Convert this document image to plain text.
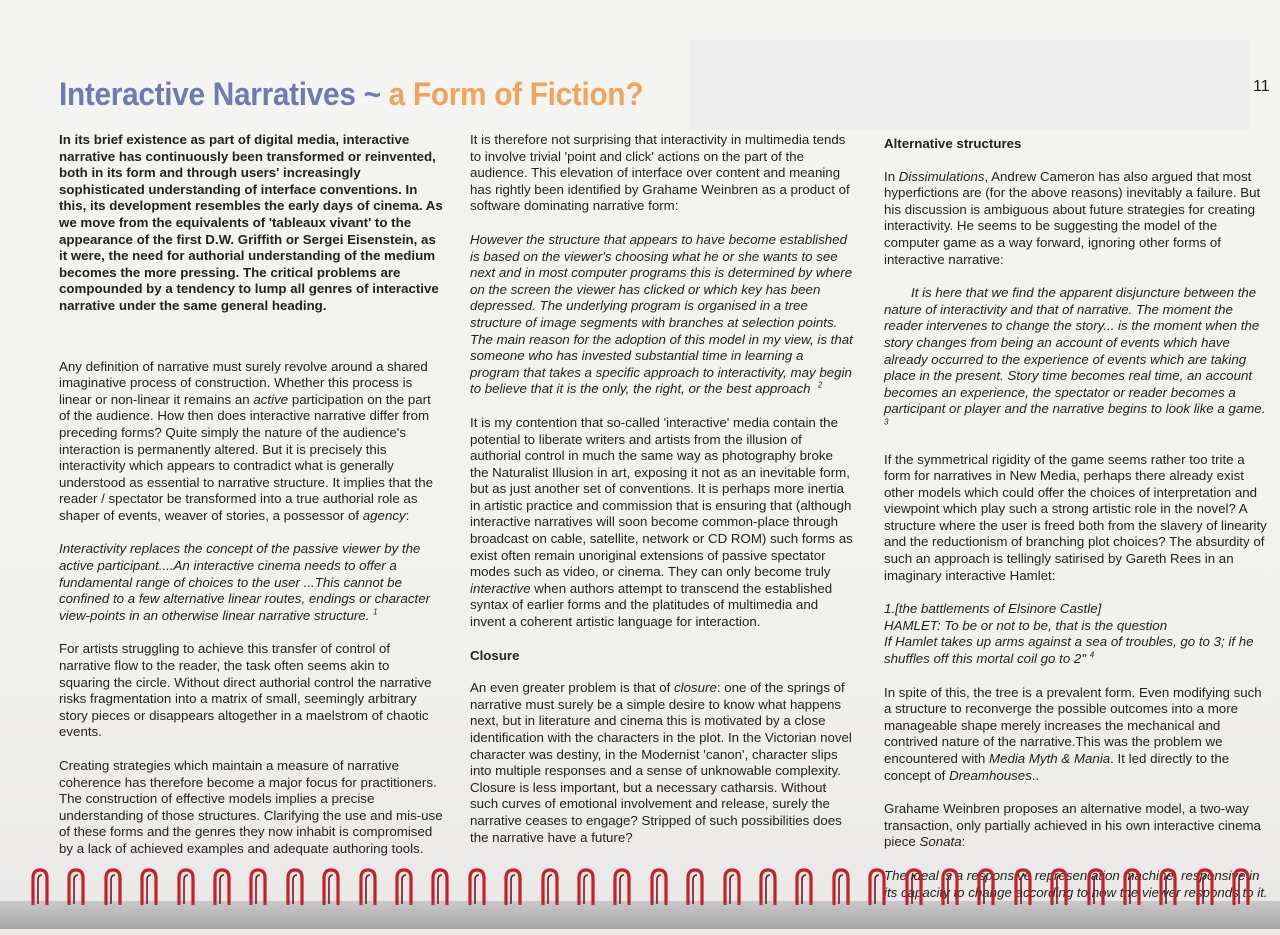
Interactive Narratives ~ a Form of Fiction?	11

In its brief existence as part of digital media, interactive narrative has continuously been transformed or reinvented, both in its form and through users' increasingly sophisticated understanding of interface conventions. In this, its development resembles the early days of cinema. As we move from the equivalents of 'tableaux vivant' to the appearance of the first D.W. Griffith or Sergei Eisenstein, as it were, the need for authorial understanding of the medium becomes the more pressing. The critical problems are compounded by a tendency to lump all genres of interactive narrative under the same general heading.

Any definition of narrative must surely revolve around a shared imaginative process of construction. Whether this process is linear or non-linear it remains an active participation on the part of the audience. How then does interactive narrative differ from preceding forms? Quite simply the nature of the audience's interaction is permanently altered. But it is precisely this interactivity which appears to contradict what is generally understood as essential to narrative structure. It implies that the reader / spectator be transformed into a true authorial role as shaper of events, weaver of stories, a possessor of agency:

Interactivity replaces the concept of the passive viewer by the active participant....An interactive cinema needs to offer a fundamental range of choices to the user ...This cannot be confined to a few alternative linear routes, endings or character view-points in an otherwise linear narrative structure. $^1$

For artists struggling to achieve this transfer of control of narrative flow to the reader, the task often seems akin to squaring the circle. Without direct authorial control the narrative risks fragmentation into a matrix of small, seemingly arbitrary story pieces or disappears altogether in a maelstrom of chaotic events.

Creating strategies which maintain a measure of narrative coherence has therefore become a major focus for practitioners. The construction of effective models implies a precise understanding of those structures. Clarifying the use and mis-use of these forms and the genres they now inhabit is compromised by a lack of achieved examples and adequate authoring tools.

It is therefore not surprising that interactivity in multimedia tends to involve trivial 'point and click' actions on the part of the audience. This elevation of interface over content and meaning has rightly been identified by Grahame Weinbren as a product of software dominating narrative form:

However the structure that appears to have become established is based on the viewer's choosing what he or she wants to see next and in most computer programs this is determined by where on the screen the viewer has clicked or which key has been depressed. The underlying program is organised in a tree structure of image segments with branches at selection points. The main reason for the adoption of this model in my view, is that someone who has invested substantial time in learning a program that takes a specific approach to interactivity, may begin to believe that it is the only, the right, or the best approach $^2$

It is my contention that so-called 'interactive' media contain the potential to liberate writers and artists from the illusion of authorial control in much the same way as photography broke the Naturalist Illusion in art, exposing it not as an inevitable form, but as just another set of conventions. It is perhaps more inertia in artistic practice and commission that is ensuring that (although interactive narratives will soon become common-place through broadcast on cable, satellite, network or CD ROM) such forms as exist often remain unoriginal extensions of passive spectator modes such as video, or cinema. They can only become truly interactive when authors attempt to transcend the established syntax of earlier forms and the platitudes of multimedia and invent a coherent artistic language for interaction.

Closure

An even greater problem is that of closure: one of the springs of narrative must surely be a simple desire to know what happens next, but in literature and cinema this is motivated by a close identification with the characters in the plot. In the Victorian novel character was destiny, in the Modernist 'canon', character slips into multiple responses and a sense of unknowable complexity. Closure is less important, but a necessary catharsis. Without such curves of emotional involvement and release, surely the narrative ceases to engage? Stripped of such possibilities does the narrative have a future?

Alternative structures

In Dissimulations, Andrew Cameron has also argued that most hyperfictions are (for the above reasons) inevitably a failure. But his discussion is ambiguous about future strategies for creating interactivity. He seems to be suggesting the model of the computer game as a way forward, ignoring other forms of interactive narrative:

It is here that we find the apparent disjuncture between the nature of interactivity and that of narrative. The moment the reader intervenes to change the story... is the moment when the story changes from being an account of events which have already occurred to the experience of events which are taking place in the present. Story time becomes real time, an account becomes an experience, the spectator or reader becomes a participant or player and the narrative begins to look like a game. $^3$

If the symmetrical rigidity of the game seems rather too trite a form for narratives in New Media, perhaps there already exist other models which could offer the choices of interpretation and viewpoint which play such a strong artistic role in the novel? A structure where the user is freed both from the slavery of linearity and the reductionism of branching plot choices? The absurdity of such an approach is tellingly satirised by Gareth Rees in an imaginary interactive Hamlet:

1.[the battlements of Elsinore Castle]
HAMLET: To be or not to be, that is the question
If Hamlet takes up arms against a sea of troubles, go to 3; if he shuffles off this mortal coil go to 2" $^4$

In spite of this, the tree is a prevalent form. Even modifying such a structure to reconverge the possible outcomes into a more manageable shape merely increases the mechanical and contrived nature of the narrative.This was the problem we encountered with Media Myth & Mania. It led directly to the concept of Dreamhouses..

Grahame Weinbren proposes an alternative model, a two-way transaction, only partially achieved in his own interactive cinema piece Sonata:

The ideal is a responsive representation machine, responsive in its capacity to change according to how the viewer responds to it.
